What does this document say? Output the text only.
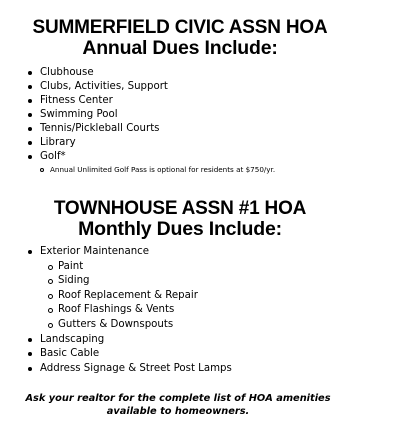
SUMMERFIELD CIVIC ASSN HOA

Annual Dues Include:

Clubhouse
Clubs, Activities, Support
Fitness Center
Swimming Pool
Tennis/Pickleball Courts
Library
Golf*
Annual Unlimited Golf Pass is optional for residents at $750/yr.

TOWNHOUSE ASSN #1 HOA

Monthly Dues Include:

Exterior Maintenance
Paint
Siding
Roof Replacement & Repair
Roof Flashings & Vents
Gutters & Downspouts
Landscaping
Basic Cable
Address Signage & Street Post Lamps
Ask your realtor for the complete list of HOA amenities
available to homeowners.
